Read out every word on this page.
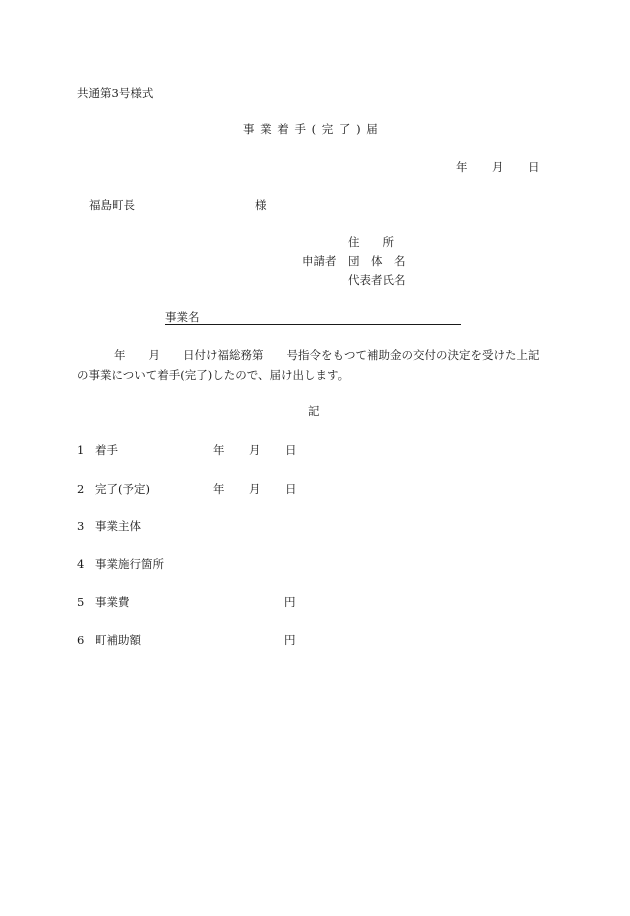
共通第3号様式
事 業 着 手 ( 完 了 ) 届
年 月 日
福島町長	様
住　　所
申請者 団　体　名
代表者氏名
事業名
年　　月　　日付け福総務第　　号指令をもつて補助金の交付の決定を受けた上記
の事業について着手(完了)したので、届け出します。
記
1 着手	年 月 日
2 完了(予定)	年 月 日
3 事業主体
4 事業施行箇所
5 事業費	円
6 町補助額	円
